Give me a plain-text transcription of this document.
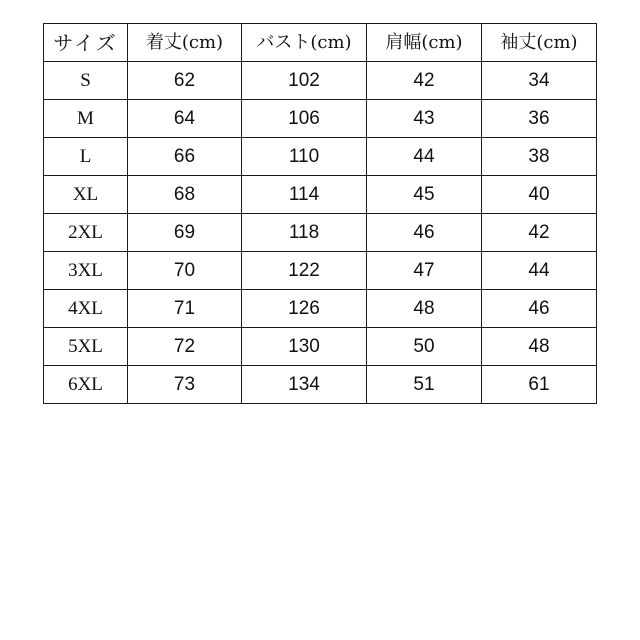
サイズ	着丈(cm)	バスト(cm)	肩幅(cm)	袖丈(cm)
S	62	102	42	34
M	64	106	43	36
L	66	110	44	38
XL	68	114	45	40
2XL	69	118	46	42
3XL	70	122	47	44
4XL	71	126	48	46
5XL	72	130	50	48
6XL	73	134	51	61
